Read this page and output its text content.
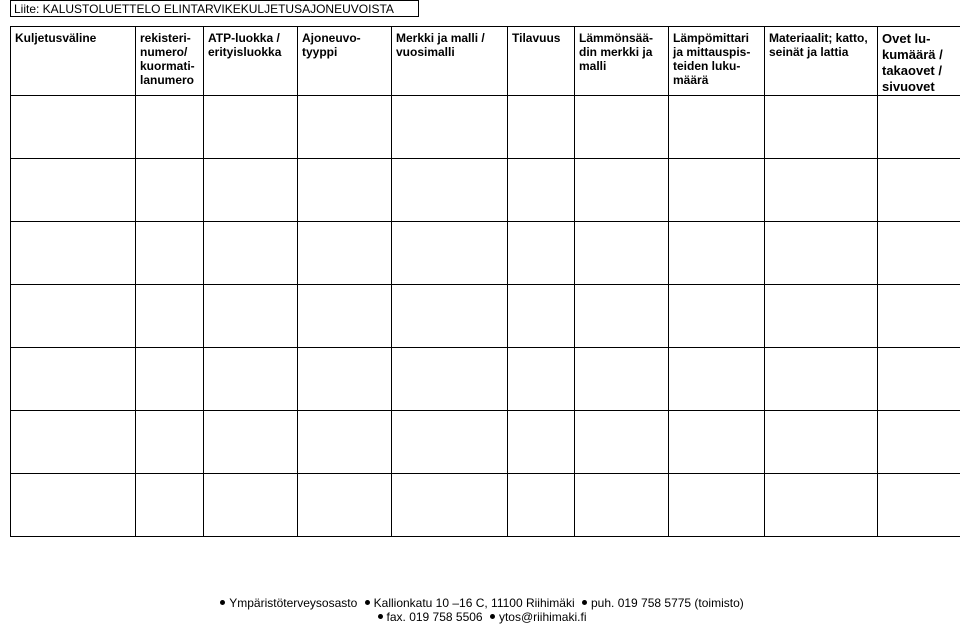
Liite: KALUSTOLUETTELO ELINTARVIKEKULJETUSAJONEUVOISTA
Kuljetusväline	rekisteri-
numero/
kuormati-
lanumero	ATP-luokka /
erityisluokka	Ajoneuvo-
tyyppi	Merkki ja malli /
vuosimalli	Tilavuus	Lämmönsää-
din merkki ja
malli	Lämpömittari
ja mittauspis-
teiden luku-
määrä	Materiaalit; katto,
seinät ja lattia	Ovet lu-
kumäärä /
takaovet /
sivuovet

Ympäristöterveysosasto Kallionkatu 10 –16 C, 11100 Riihimäki puh. 019 758 5775 (toimisto)
fax. 019 758 5506 ytos@riihimaki.fi
